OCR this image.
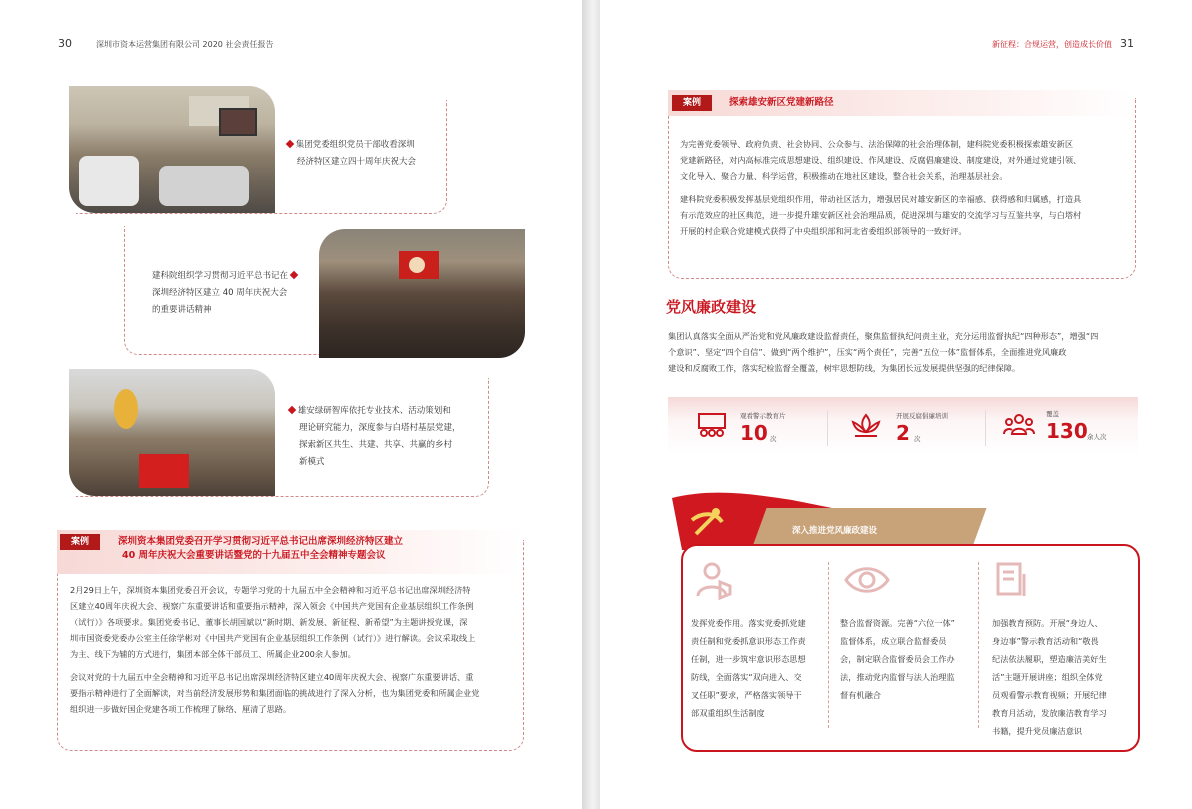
30	深圳市资本运营集团有限公司 2020 社会责任报告
集团党委组织党员干部收看深圳
经济特区建立四十周年庆祝大会
建科院组织学习贯彻习近平总书记在
深圳经济特区建立 40 周年庆祝大会
的重要讲话精神
雄安绿研智库依托专业技术、活动策划和
理论研究能力，深度参与白塔村基层党建，
探索新区共生、共建、共享、共赢的乡村
新模式
案例	深圳资本集团党委召开学习贯彻习近平总书记出席深圳经济特区建立
40 周年庆祝大会重要讲话暨党的十九届五中全会精神专题会议
2月29日上午，深圳资本集团党委召开会议，专题学习党的十九届五中全会精神和习近平总书记出席深圳经济特
区建立40周年庆祝大会、视察广东重要讲话和重要指示精神，深入领会《中国共产党国有企业基层组织工作条例
（试行）》各项要求。集团党委书记、董事长胡国斌以“新时期、新发展、新征程、新希望”为主题讲授党课，深
圳市国资委党委办公室主任徐学彬对《中国共产党国有企业基层组织工作条例（试行）》进行解读。会议采取线上
为主、线下为辅的方式进行，集团本部全体干部员工、所属企业200余人参加。
会议对党的十九届五中全会精神和习近平总书记出席深圳经济特区建立40周年庆祝大会、视察广东重要讲话、重
要指示精神进行了全面解读，对当前经济发展形势和集团面临的挑战进行了深入分析，也为集团党委和所属企业党
组织进一步做好国企党建各项工作梳理了脉络、厘清了思路。
新征程：合规运营，创造成长价值 31
案例	探索雄安新区党建新路径
为完善党委领导、政府负责、社会协同、公众参与、法治保障的社会治理体制，建科院党委积极探索雄安新区
党建新路径，对内高标准完成思想建设、组织建设、作风建设、反腐倡廉建设、制度建设，对外通过党建引领、
文化导入、聚合力量、科学运营，积极推动在地社区建设，整合社会关系，治理基层社会。
建科院党委积极发挥基层党组织作用，带动社区活力，增强居民对雄安新区的幸福感、获得感和归属感，打造具
有示范效应的社区典范，进一步提升雄安新区社会治理品质，促进深圳与雄安的交流学习与互鉴共享，与白塔村
开展的村企联合党建模式获得了中央组织部和河北省委组织部领导的一致好评。
党风廉政建设
集团认真落实全面从严治党和党风廉政建设监督责任，聚焦监督执纪问责主业，充分运用监督执纪“四种形态”，增强“四
个意识”、坚定“四个自信”、做到“两个维护”，压实“两个责任”，完善“五位一体”监督体系，全面推进党风廉政
建设和反腐败工作，落实纪检监督全覆盖，树牢思想防线，为集团长远发展提供坚强的纪律保障。
观看警示教育片
10 次
开展反腐倡廉培训
2 次
覆盖
130 余人次
深入推进党风廉政建设
发挥党委作用。落实党委抓党建
责任制和党委抓意识形态工作责
任制，进一步筑牢意识形态思想
防线，全面落实“双向进入、交
叉任职”要求，严格落实领导干
部双重组织生活制度
整合监督资源。完善“六位一体”
监督体系，成立联合监督委员
会，制定联合监督委员会工作办
法，推动党内监督与法人治理监
督有机融合
加强教育预防。开展“身边人、
身边事”警示教育活动和“敬畏
纪法依法履职，塑造廉洁美好生
活”主题开展讲座；组织全体党
员观看警示教育视频；开展纪律
教育月活动，发放廉洁教育学习
书籍，提升党员廉洁意识
